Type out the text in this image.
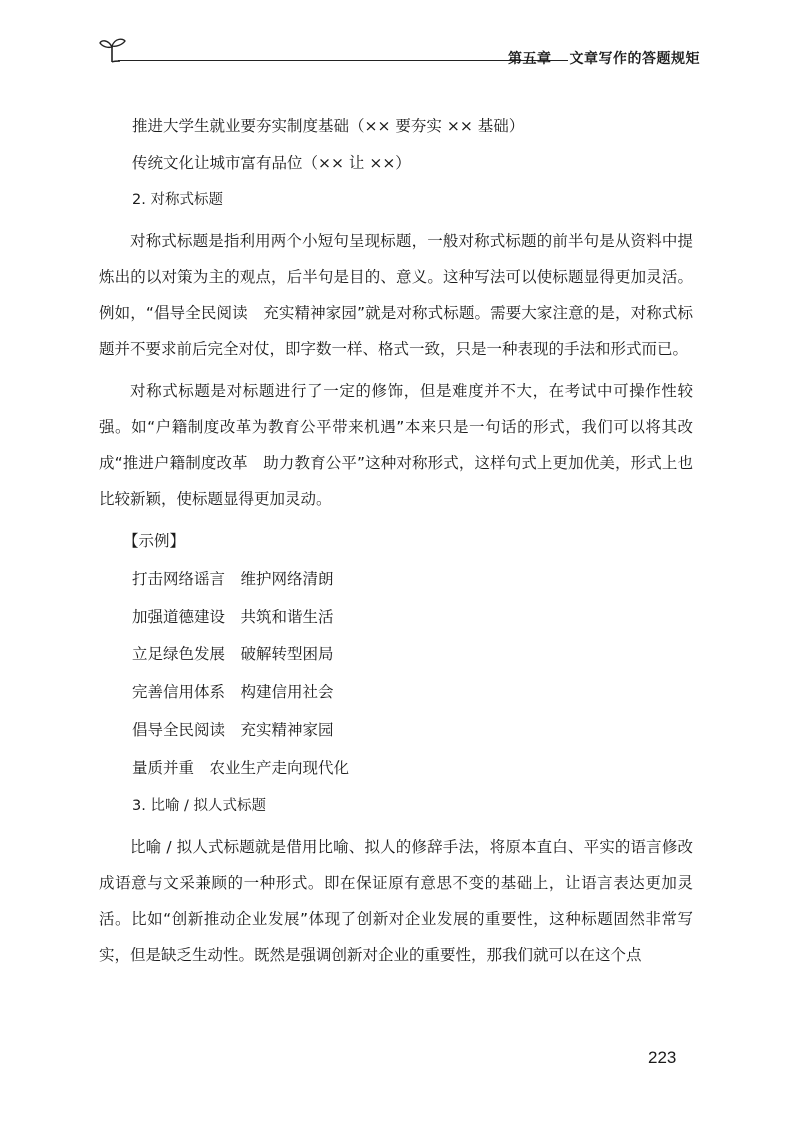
第五章 文章写作的答题规矩
推进大学生就业要夯实制度基础（×× 要夯实 ×× 基础）
传统文化让城市富有品位（×× 让 ××）
2. 对称式标题

对称式标题是指利用两个小短句呈现标题，一般对称式标题的前半句是从资料中提炼出的以对策为主的观点，后半句是目的、意义。这种写法可以使标题显得更加灵活。例如，“倡导全民阅读　充实精神家园”就是对称式标题。需要大家注意的是，对称式标题并不要求前后完全对仗，即字数一样、格式一致，只是一种表现的手法和形式而已。

对称式标题是对标题进行了一定的修饰，但是难度并不大，在考试中可操作性较强。如“户籍制度改革为教育公平带来机遇”本来只是一句话的形式，我们可以将其改成“推进户籍制度改革　助力教育公平”这种对称形式，这样句式上更加优美，形式上也比较新颖，使标题显得更加灵动。

【示例】
打击网络谣言　维护网络清朗
加强道德建设　共筑和谐生活
立足绿色发展　破解转型困局
完善信用体系　构建信用社会
倡导全民阅读　充实精神家园
量质并重　农业生产走向现代化
3. 比喻 / 拟人式标题

比喻 / 拟人式标题就是借用比喻、拟人的修辞手法，将原本直白、平实的语言修改成语意与文采兼顾的一种形式。即在保证原有意思不变的基础上，让语言表达更加灵活。比如“创新推动企业发展”体现了创新对企业发展的重要性，这种标题固然非常写实，但是缺乏生动性。既然是强调创新对企业的重要性，那我们就可以在这个点

223
